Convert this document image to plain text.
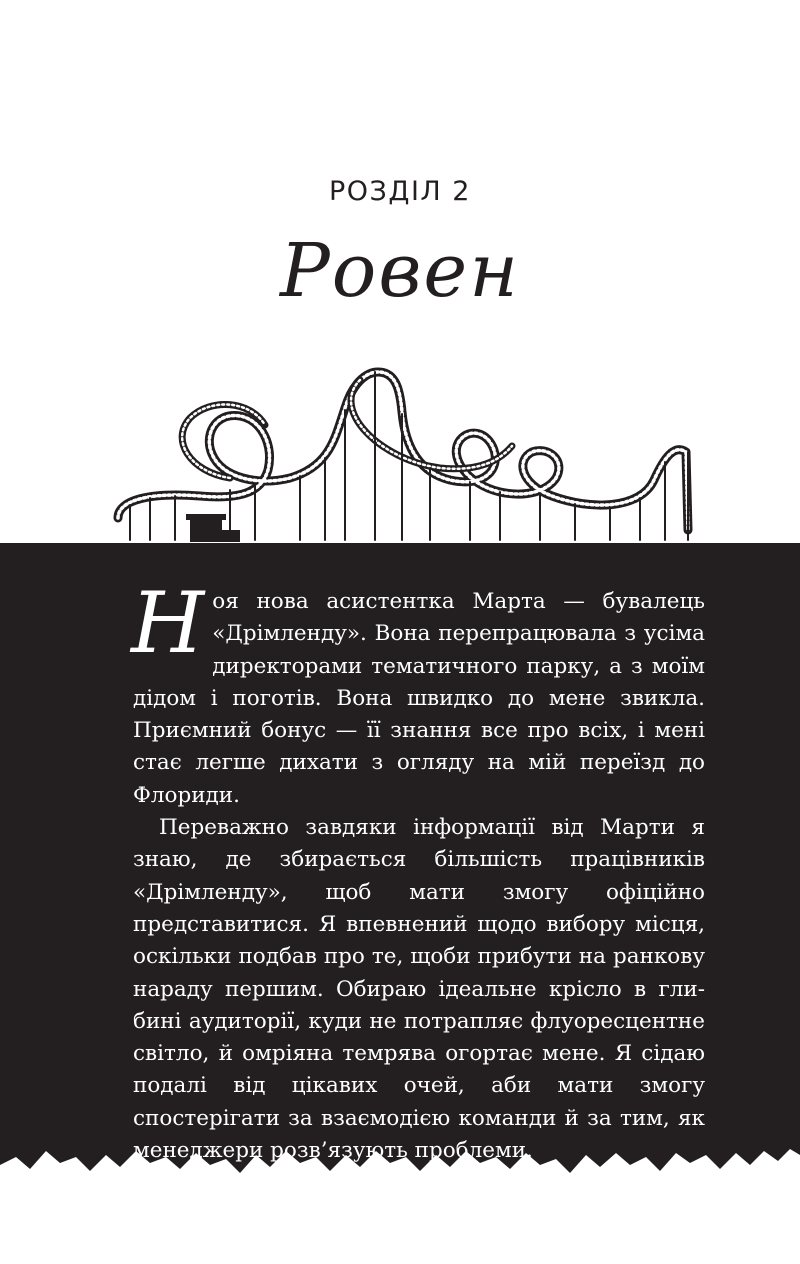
РОЗДІЛ 2
Ровен

Ноя нова асистентка Марта — бувалець «Дрімленду». Вона перепрацювала з усіма директорами тематичного парку, а з моїм дідом і поготів. Вона швидко до мене звикла. Приємний бонус — її знання все про всіх, і мені стає легше дихати з огляду на мій переїзд до Флориди.

Переважно завдяки інформації від Марти я знаю, де збирається більшість працівників «Дрімленду», щоб мати змогу офіційно представитися. Я впевнений щодо вибору місця, оскільки подбав про те, щоби прибути на ранкову нараду першим. Обираю ідеальне крісло в глибині аудиторії, куди не потрапляє флуоресцентне світло, й омріяна темрява огортає мене. Я сідаю подалі від цікавих очей, аби мати змогу спостерігати за взаємодією команди й за тим, як менеджери розв’язують проблеми.

За десять хвилин до початку наради всі заходять до приміщення й займають майже всі крісла. Хай яка б
